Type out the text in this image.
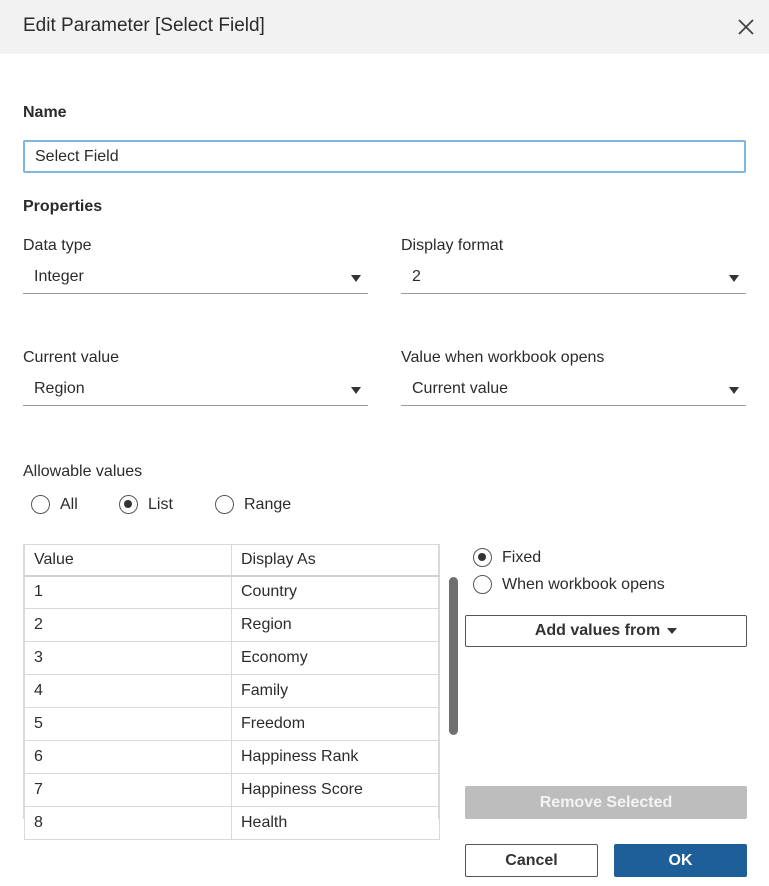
Edit Parameter [Select Field]
Name
Select Field
Properties
Data type
Integer
Display format
2
Current value
Region
Value when workbook opens
Current value
Allowable values
All	List	Range
Value	Display As
1	Country
2	Region
3	Economy
4	Family
5	Freedom
6	Happiness Rank
7	Happiness Score
8	Health
Fixed
When workbook opens
Add values from
Remove Selected
Cancel	OK
